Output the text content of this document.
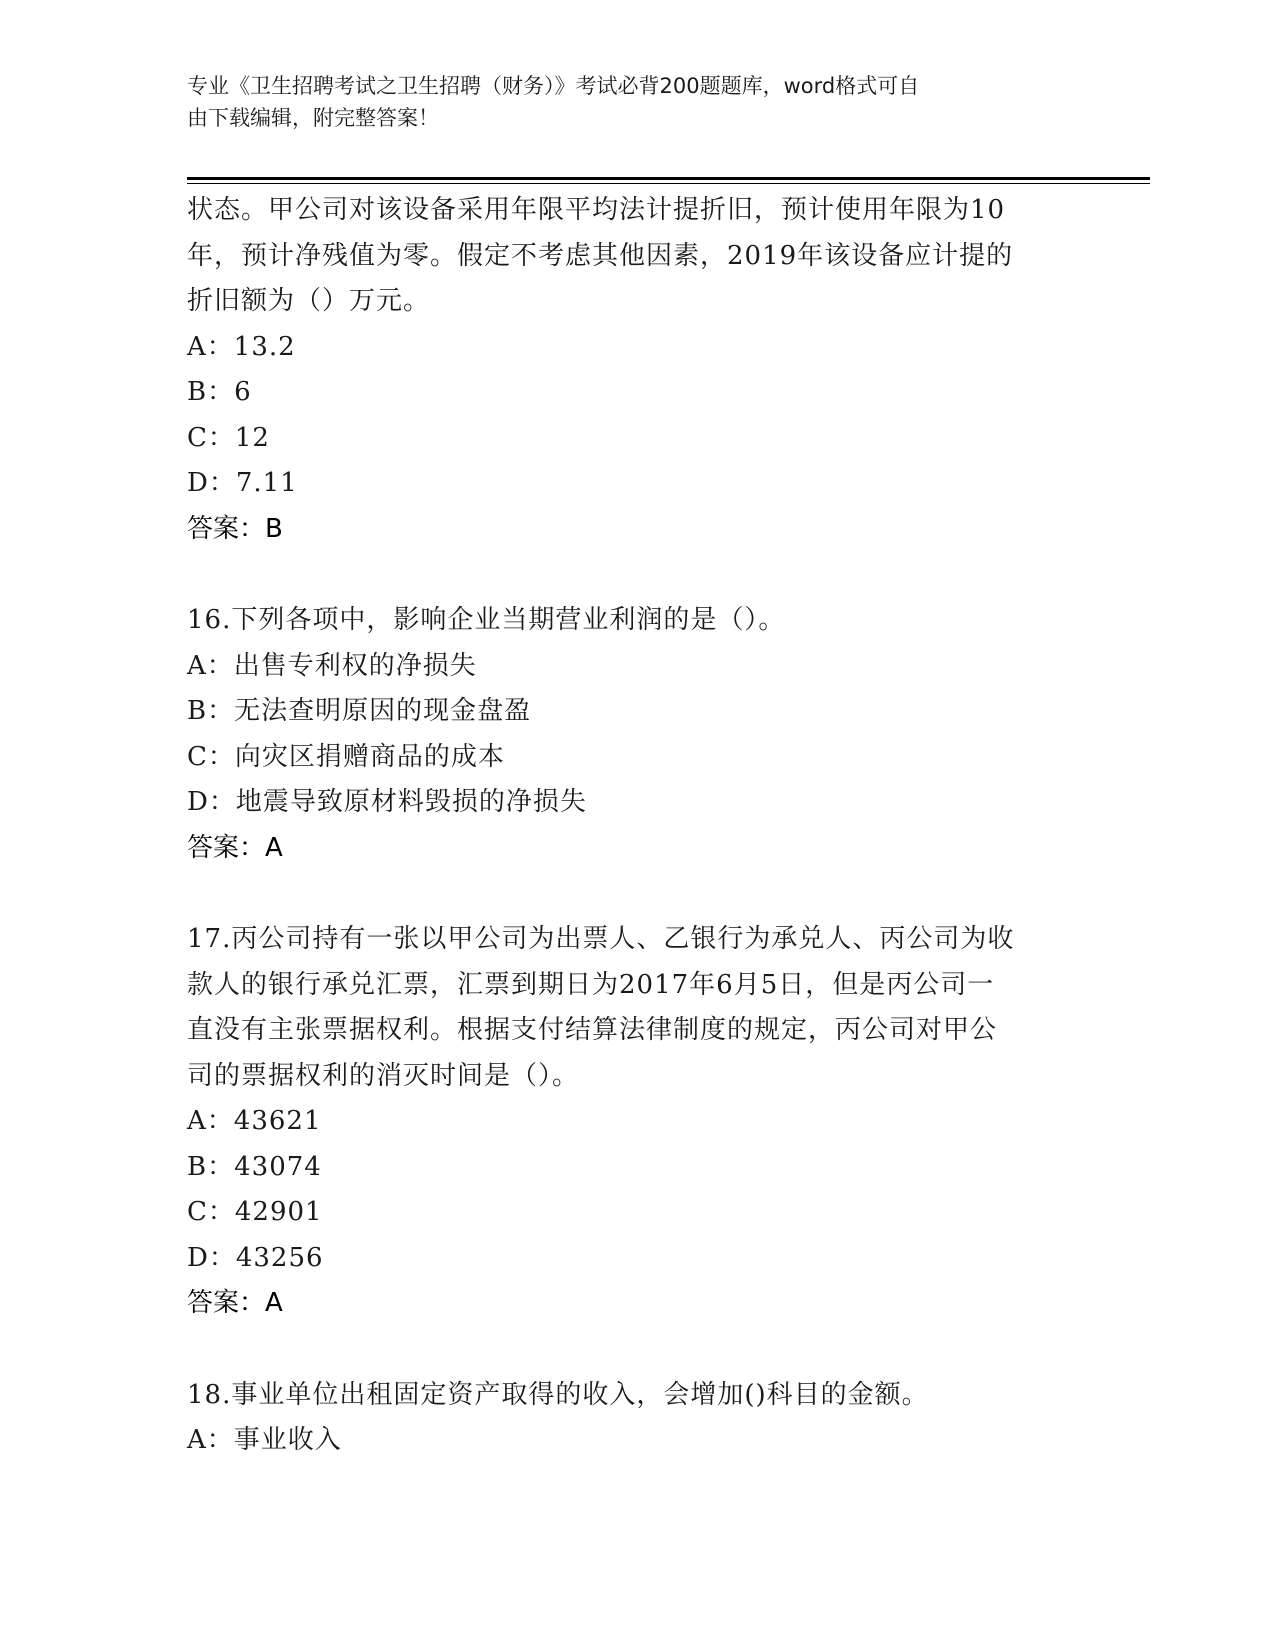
专业《卫生招聘考试之卫生招聘（财务）》考试必背200题题库，word格式可自
由下载编辑，附完整答案！
状态。甲公司对该设备采用年限平均法计提折旧，预计使用年限为10
年，预计净残值为零。假定不考虑其他因素，2019年该设备应计提的
折旧额为（）万元。
A：13.2
B：6
C：12
D：7.11
答案：B
16.下列各项中，影响企业当期营业利润的是（）。
A：出售专利权的净损失
B：无法查明原因的现金盘盈
C：向灾区捐赠商品的成本
D：地震导致原材料毁损的净损失
答案：A
17.丙公司持有一张以甲公司为出票人、乙银行为承兑人、丙公司为收
款人的银行承兑汇票，汇票到期日为2017年6月5日，但是丙公司一
直没有主张票据权利。根据支付结算法律制度的规定，丙公司对甲公
司的票据权利的消灭时间是（）。
A：43621
B：43074
C：42901
D：43256
答案：A
18.事业单位出租固定资产取得的收入，会增加()科目的金额。
A：事业收入
